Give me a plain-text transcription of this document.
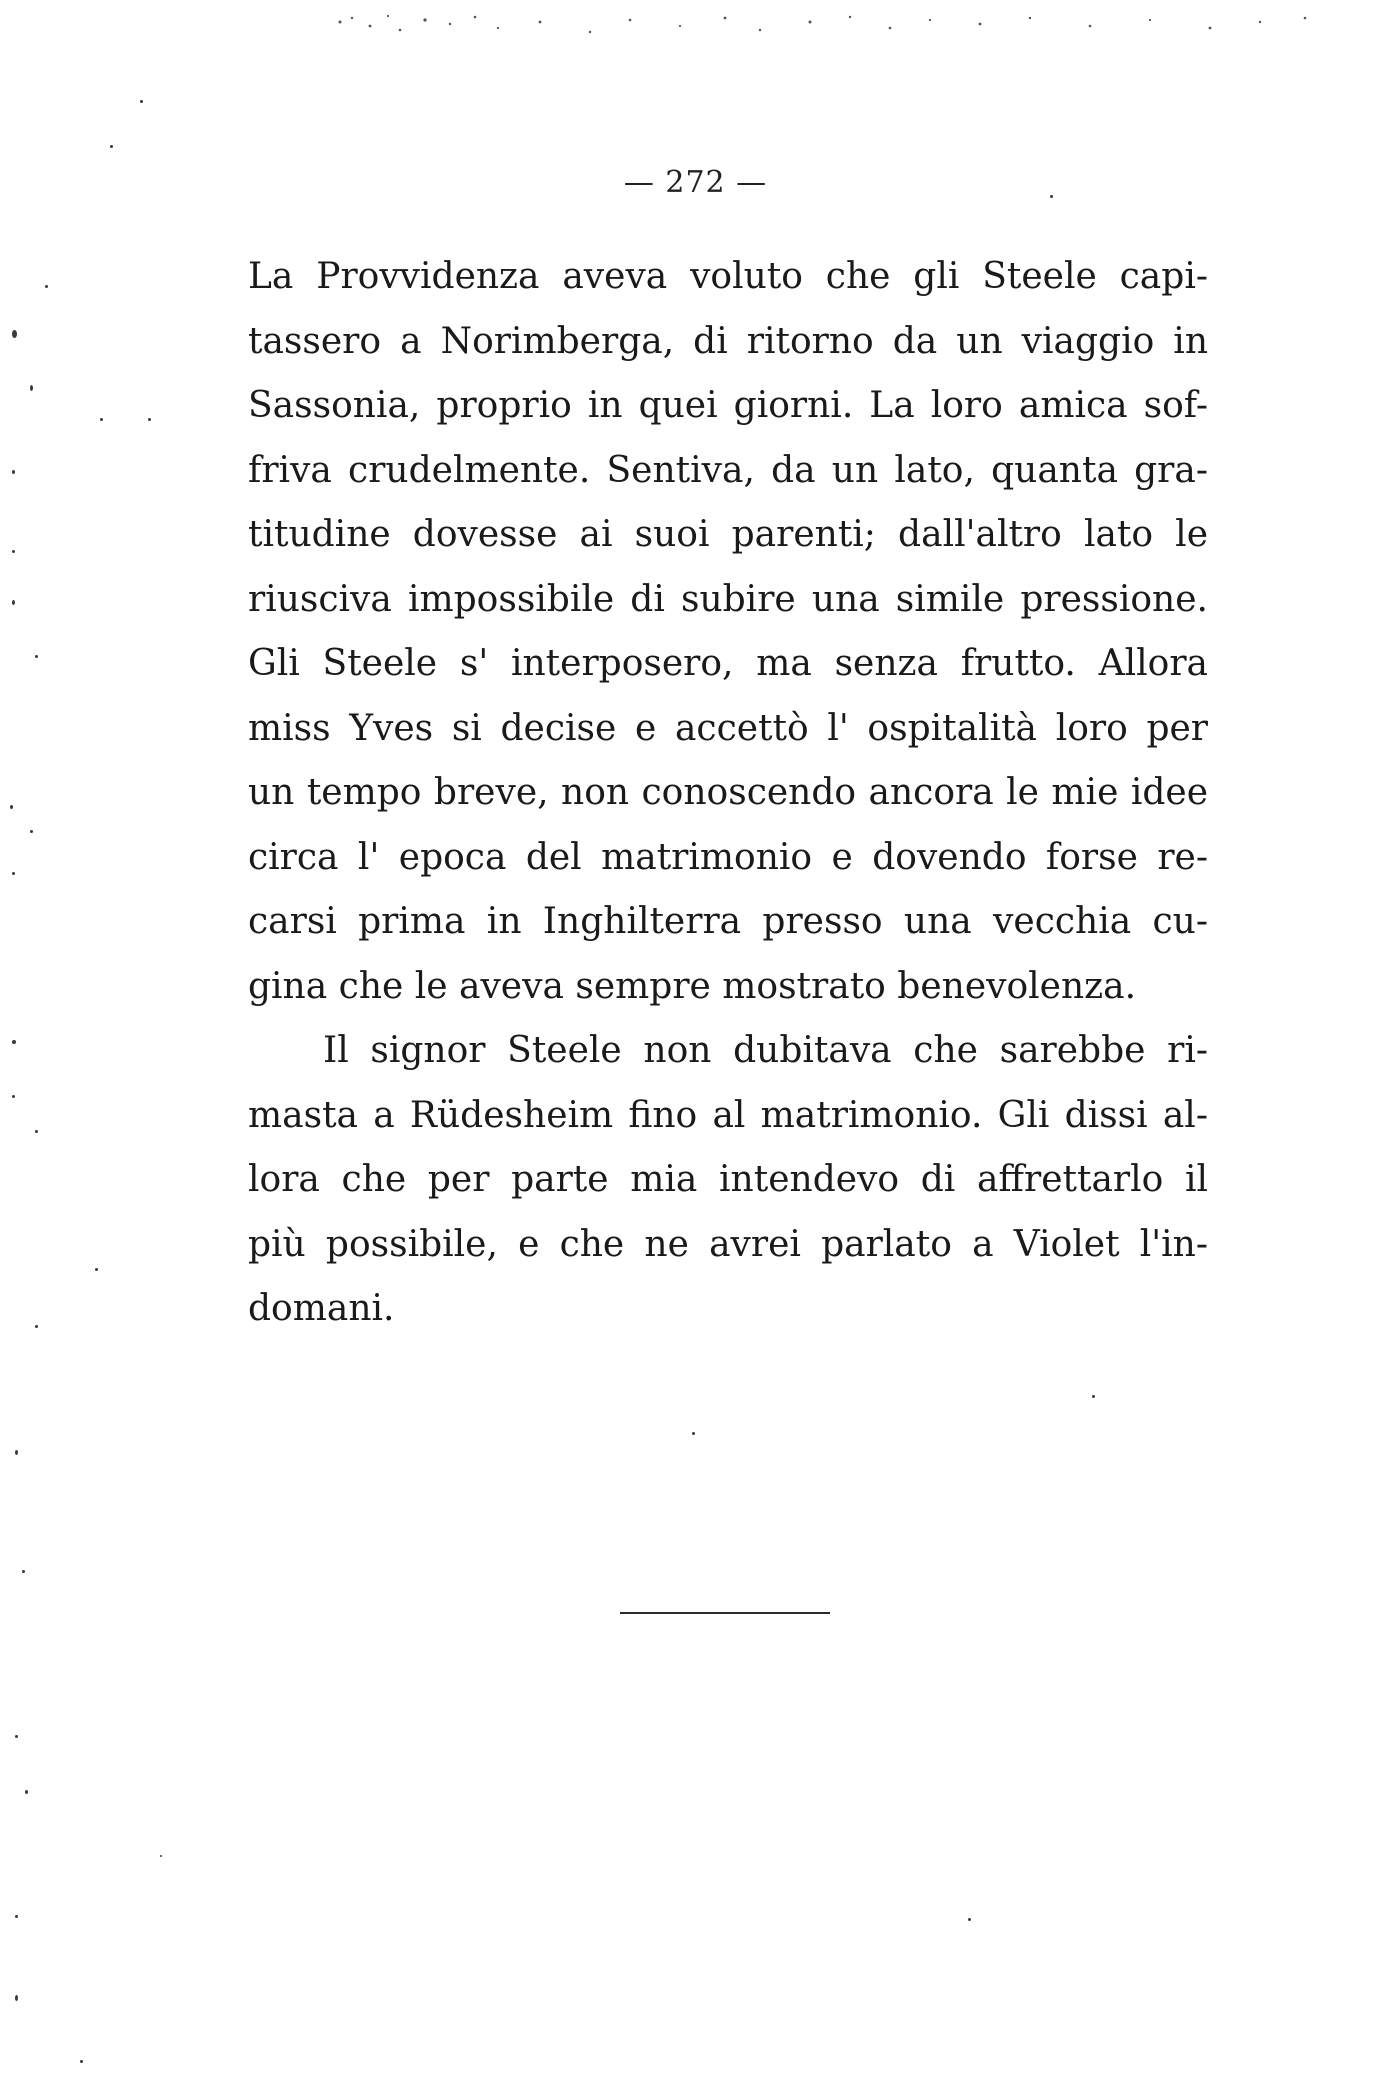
— 272 —
La Provvidenza aveva voluto che gli Steele capi-
tassero a Norimberga, di ritorno da un viaggio in
Sassonia, proprio in quei giorni. La loro amica sof-
friva crudelmente. Sentiva, da un lato, quanta gra-
titudine dovesse ai suoi parenti; dall'altro lato le
riusciva impossibile di subire una simile pressione.
Gli Steele s' interposero, ma senza frutto. Allora
miss Yves si decise e accettò l' ospitalità loro per
un tempo breve, non conoscendo ancora le mie idee
circa l' epoca del matrimonio e dovendo forse re-
carsi prima in Inghilterra presso una vecchia cu-
gina che le aveva sempre mostrato benevolenza.
Il signor Steele non dubitava che sarebbe ri-
masta a Rüdesheim fino al matrimonio. Gli dissi al-
lora che per parte mia intendevo di affrettarlo il
più possibile, e che ne avrei parlato a Violet l'in-
domani.
